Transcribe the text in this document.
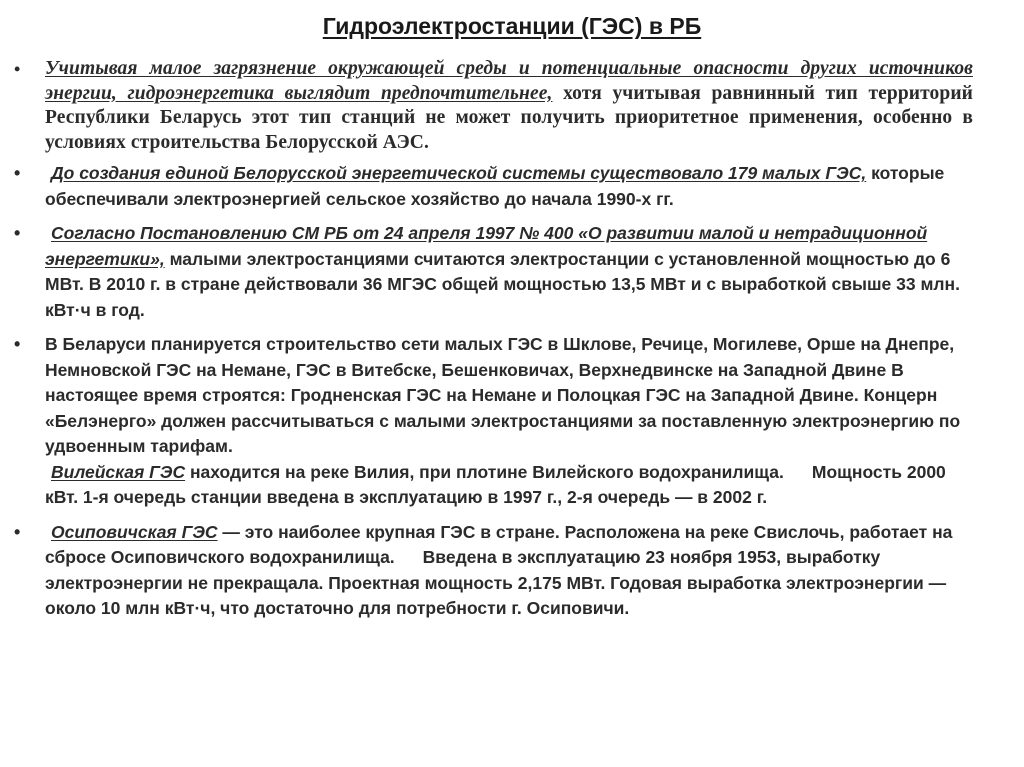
Гидроэлектростанции (ГЭС) в РБ
• Учитывая малое загрязнение окружающей среды и потенциальные опасности других источников энергии, гидроэнергетика выглядит предпочтительнее, хотя учитывая равнинный тип территорий Республики Беларусь этот тип станций не может получить приоритетное применения, особенно в условиях строительства Белорусской АЭС.
• До создания единой Белорусской энергетической системы существовало 179 малых ГЭС, которые обеспечивали электроэнергией сельское хозяйство до начала 1990-х гг.
• Согласно Постановлению СМ РБ от 24 апреля 1997 № 400 «О развитии малой и нетрадиционной энергетики», малыми электростанциями считаются электростанции с установленной мощностью до 6 МВт. В 2010 г. в стране действовали 36 МГЭС общей мощностью 13,5 МВт и с выработкой свыше 33 млн. кВт·ч в год.
• В Беларуси планируется строительство сети малых ГЭС в Шклове, Речице, Могилеве, Орше на Днепре, Немновской ГЭС на Немане, ГЭС в Витебске, Бешенковичах, Верхнедвинске на Западной Двине В настоящее время строятся: Гродненская ГЭС на Немане и Полоцкая ГЭС на Западной Двине. Концерн «Белэнерго» должен рассчитываться с малыми электростанциями за поставленную электроэнергию по удвоенным тарифам.
Вилейская ГЭС находится на реке Вилия, при плотине Вилейского водохранилища. Мощность 2000 кВт. 1-я очередь станции введена в эксплуатацию в 1997 г., 2-я очередь — в 2002 г.
• Осиповичская ГЭС — это наиболее крупная ГЭС в стране. Расположена на реке Свислочь, работает на сбросе Осиповичского водохранилища. Введена в эксплуатацию 23 ноября 1953, выработку электроэнергии не прекращала. Проектная мощность 2,175 МВт. Годовая выработка электроэнергии — около 10 млн кВт·ч, что достаточно для потребности г. Осиповичи.
